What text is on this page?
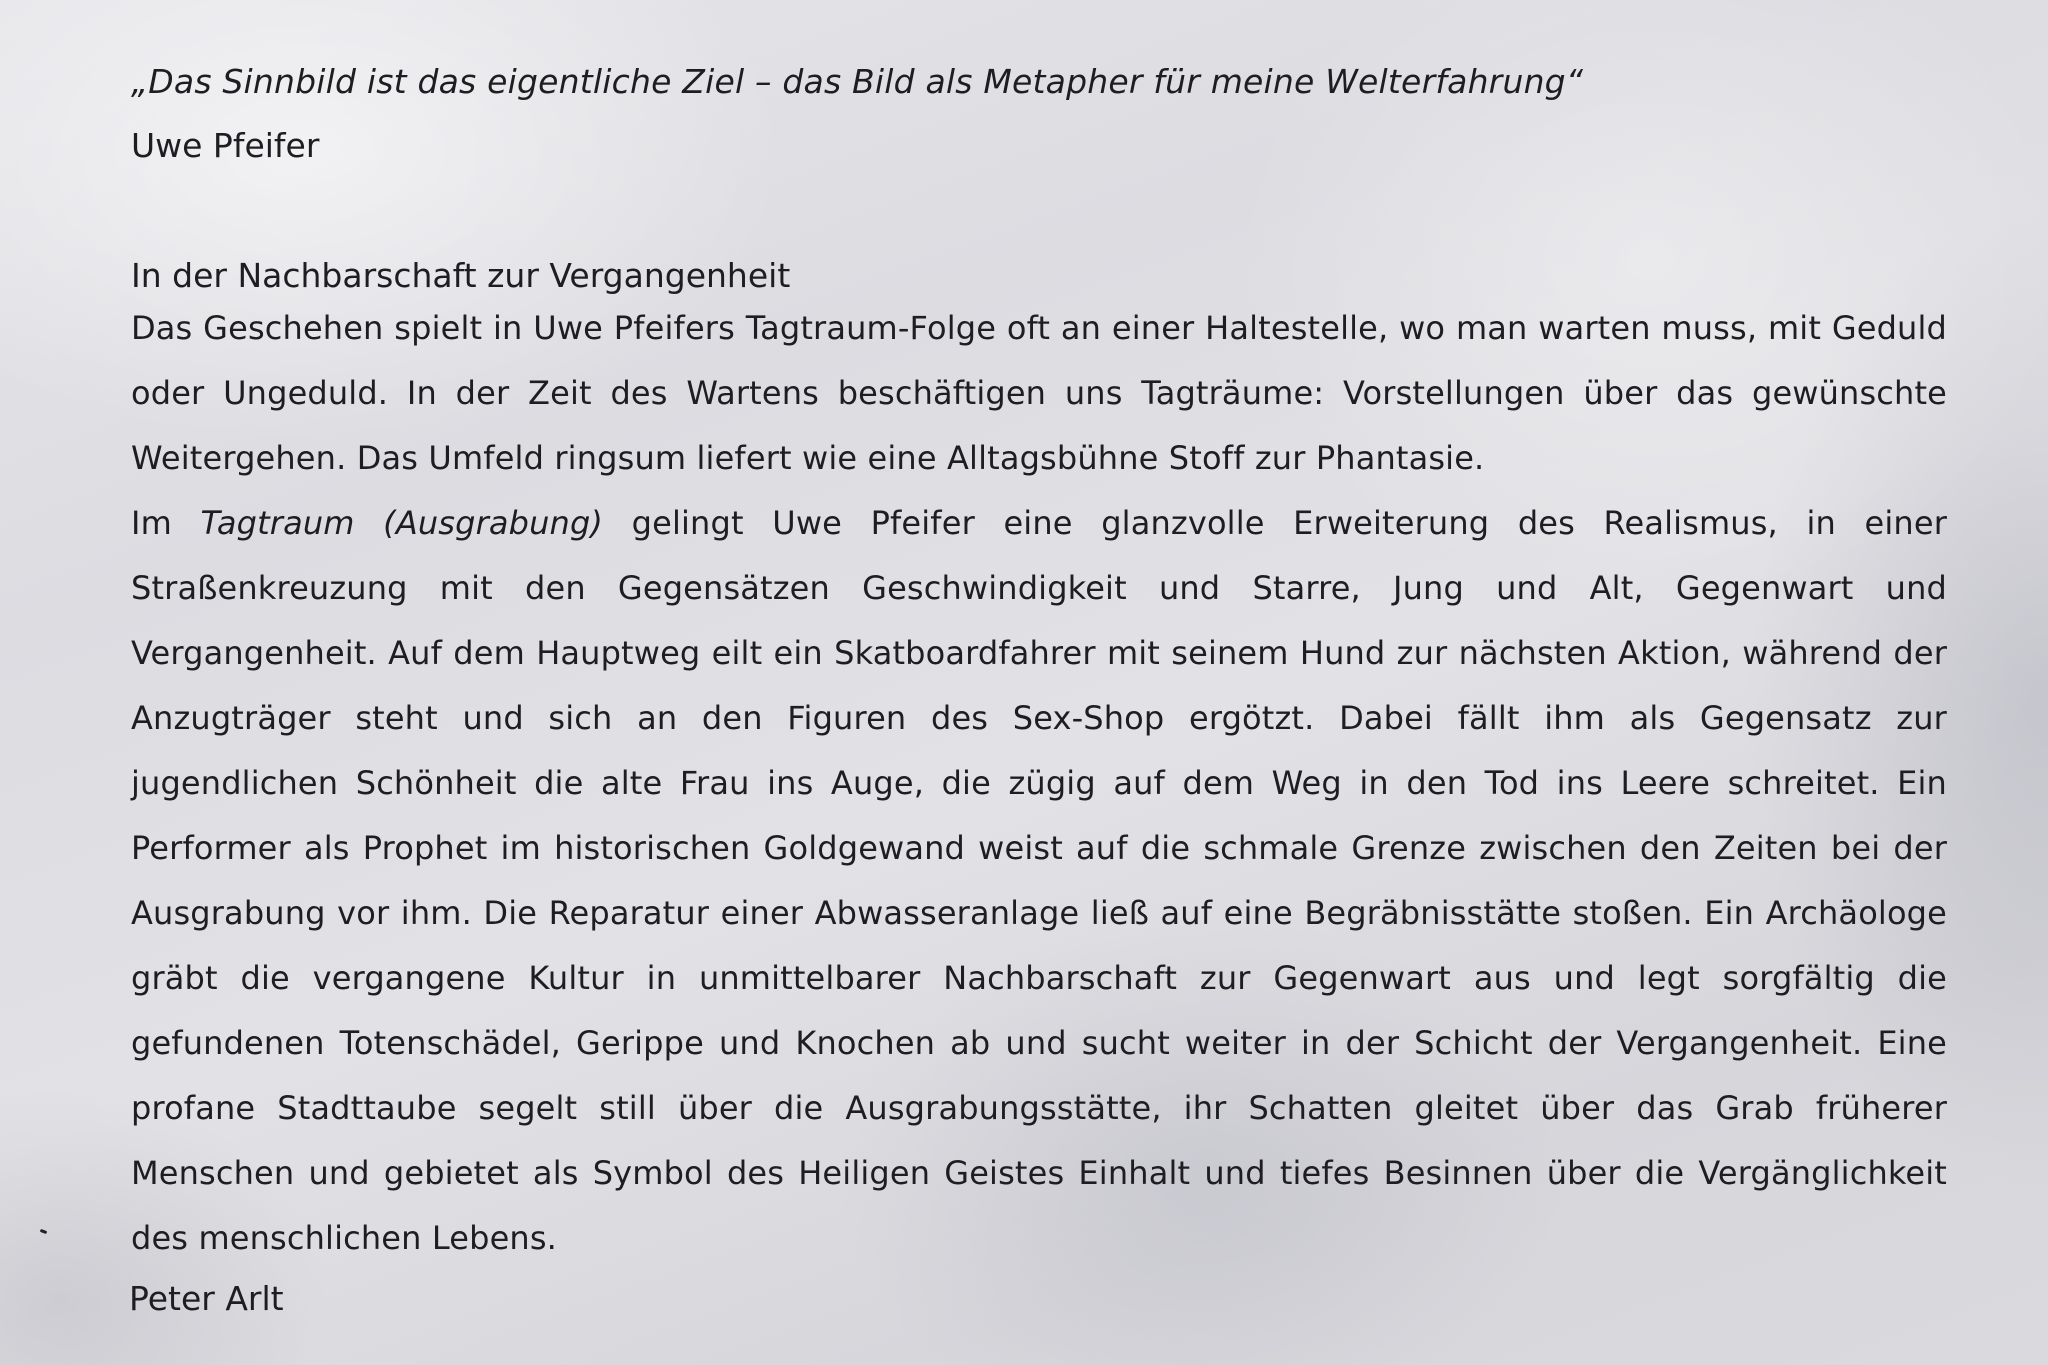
„Das Sinnbild ist das eigentliche Ziel – das Bild als Metapher für meine Welterfahrung“

Uwe Pfeifer

In der Nachbarschaft zur Vergangenheit

Das Geschehen spielt in Uwe Pfeifers Tagtraum-Folge oft an einer Haltestelle, wo man warten muss, mit Geduld oder Ungeduld. In der Zeit des Wartens beschäftigen uns Tagträume: Vorstellungen über das gewünschte Weitergehen. Das Umfeld ringsum liefert wie eine Alltagsbühne Stoff zur Phantasie.

Im Tagtraum (Ausgrabung) gelingt Uwe Pfeifer eine glanzvolle Erweiterung des Realismus, in einer Straßenkreuzung mit den Gegensätzen Geschwindigkeit und Starre, Jung und Alt, Gegenwart und Vergangenheit. Auf dem Hauptweg eilt ein Skatboardfahrer mit seinem Hund zur nächsten Aktion, während der Anzugträger steht und sich an den Figuren des Sex-Shop ergötzt. Dabei fällt ihm als Gegensatz zur jugendlichen Schönheit die alte Frau ins Auge, die zügig auf dem Weg in den Tod ins Leere schreitet. Ein Performer als Prophet im historischen Goldgewand weist auf die schmale Grenze zwischen den Zeiten bei der Ausgrabung vor ihm. Die Reparatur einer Abwasseranlage ließ auf eine Begräbnisstätte stoßen. Ein Archäologe gräbt die vergangene Kultur in unmittelbarer Nachbarschaft zur Gegenwart aus und legt sorgfältig die gefundenen Totenschädel, Gerippe und Knochen ab und sucht weiter in der Schicht der Vergangenheit. Eine profane Stadttaube segelt still über die Ausgrabungsstätte, ihr Schatten gleitet über das Grab früherer Menschen und gebietet als Symbol des Heiligen Geistes Einhalt und tiefes Besinnen über die Vergänglichkeit des menschlichen Lebens.

Peter Arlt
